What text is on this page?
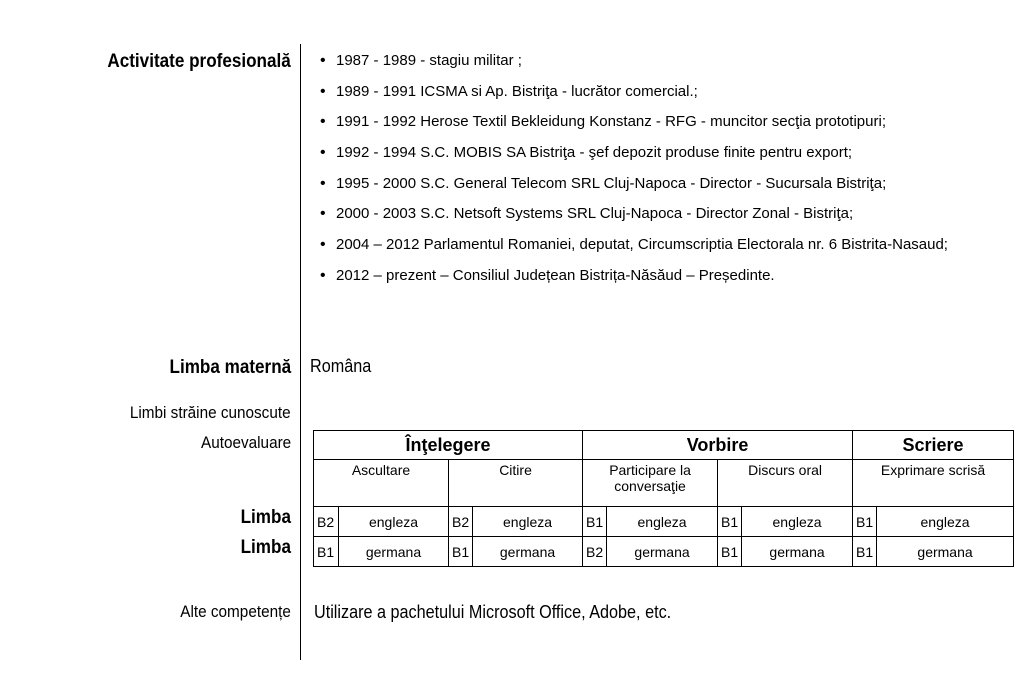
Activitate profesională	• 1987 - 1989 - stagiu militar ;
• 1989 - 1991 ICSMA si Ap. Bistriţa - lucrător comercial.;
• 1991 - 1992 Herose Textil Bekleidung Konstanz - RFG - muncitor secţia prototipuri;
• 1992 - 1994 S.C. MOBIS SA Bistriţa - şef depozit produse finite pentru export;
• 1995 - 2000 S.C. General Telecom SRL Cluj-Napoca - Director - Sucursala Bistriţa;
• 2000 - 2003 S.C. Netsoft Systems SRL Cluj-Napoca - Director Zonal - Bistriţa;
• 2004 – 2012 Parlamentul Romaniei, deputat, Circumscriptia Electorala nr. 6 Bistrita-Nasaud;
• 2012 – prezent – Consiliul Județean Bistrița-Năsăud – Președinte.
Limba maternă Româna
Limbi străine cunoscute
Autoevaluare
Limba
Limba
Înţelegere				Vorbire				Scriere	
Ascultare		Citire		Participare la conversaţie		Discurs oral		Exprimare scrisă	
B2	engleza	B2	engleza	B1	engleza	B1	engleza	B1	engleza
B1	germana	B1	germana	B2	germana	B1	germana	B1	germana
Alte competențe Utilizare a pachetului Microsoft Office, Adobe, etc.
